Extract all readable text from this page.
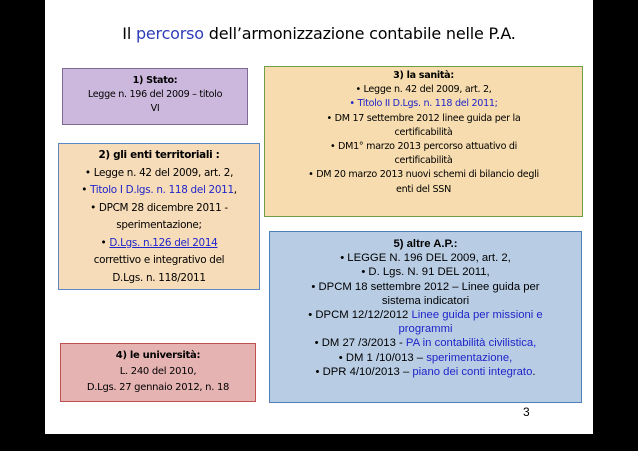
Il percorso dell’armonizzazione contabile nelle P.A.

1) Stato:

Legge n. 196 del 2009 – titolo

VI

3) la sanità:

• Legge n. 42 del 2009, art. 2,

• Titolo II D.Lgs. n. 118 del 2011;

• DM 17 settembre 2012 linee guida per la

certificabilità

• DM1° marzo 2013 percorso attuativo di

certificabilità

• DM 20 marzo 2013 nuovi schemi di bilancio degli

enti del SSN

2) gli enti territoriali :

• Legge n. 42 del 2009, art. 2,

• Titolo I D.lgs. n. 118 del 2011,

• DPCM 28 dicembre 2011 -

sperimentazione;

• D.Lgs. n.126 del 2014

correttivo e integrativo del

D.Lgs. n. 118/2011

5) altre A.P.:

• LEGGE N. 196 DEL 2009, art. 2,

• D. Lgs. N. 91 DEL 2011,

• DPCM 18 settembre 2012 – Linee guida per

sistema indicatori

• DPCM 12/12/2012 Linee guida per missioni e

programmi

• DM 27 /3/2013 - PA in contabilità civilistica,

• DM 1 /10/013 – sperimentazione,

• DPR 4/10/2013 – piano dei conti integrato.

4) le università:

L. 240 del 2010,

D.Lgs. 27 gennaio 2012, n. 18

3
